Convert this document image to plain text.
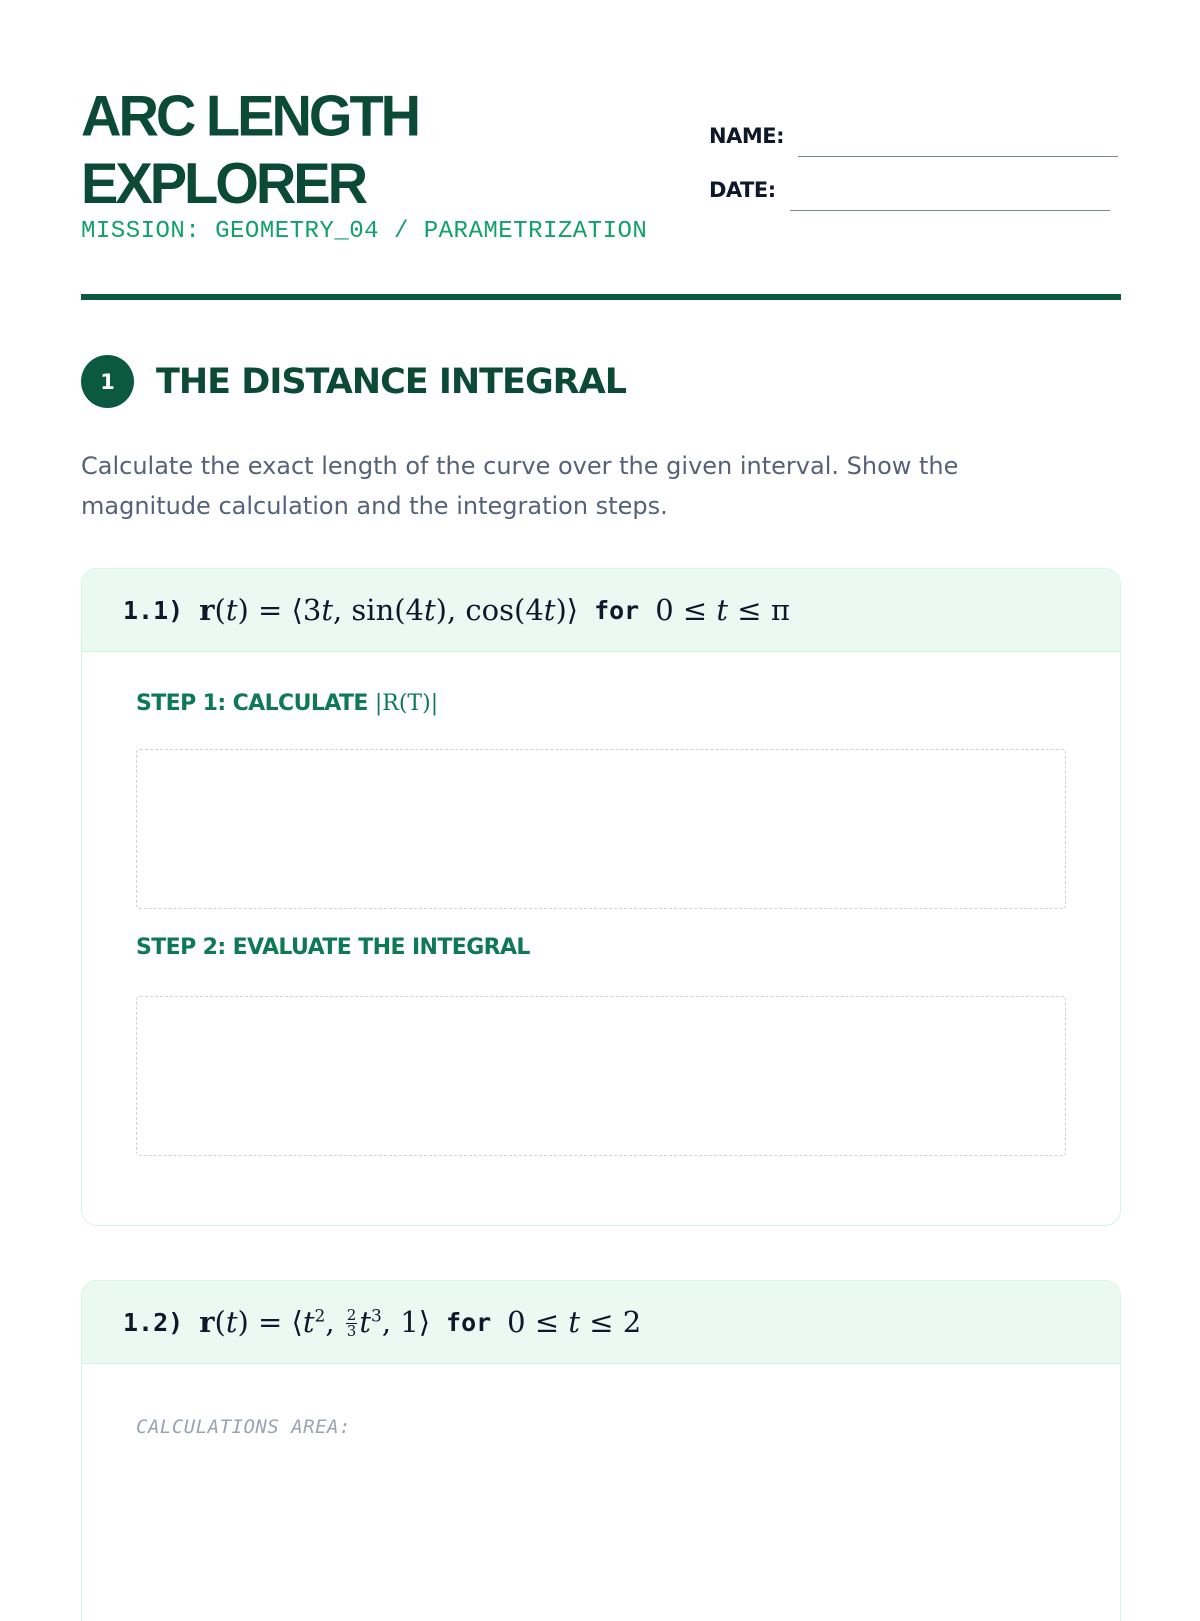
ARC LENGTH
EXPLORER
MISSION: GEOMETRY_04 / PARAMETRIZATION
NAME:
DATE:
1	THE DISTANCE INTEGRAL
Calculate the exact length of the curve over the given interval. Show the magnitude calculation and the integration steps.
1.1) r(t) = ⟨3t, sin(4t), cos(4t)⟩ for 0 ≤ t ≤ π
STEP 1: CALCULATE |R(T)|
STEP 2: EVALUATE THE INTEGRAL
1.2) $r(t) = ⟨t^2$, $\frac{2}{3} t^3$, 1⟩ for 0 ≤ t ≤ 2
CALCULATIONS AREA:
